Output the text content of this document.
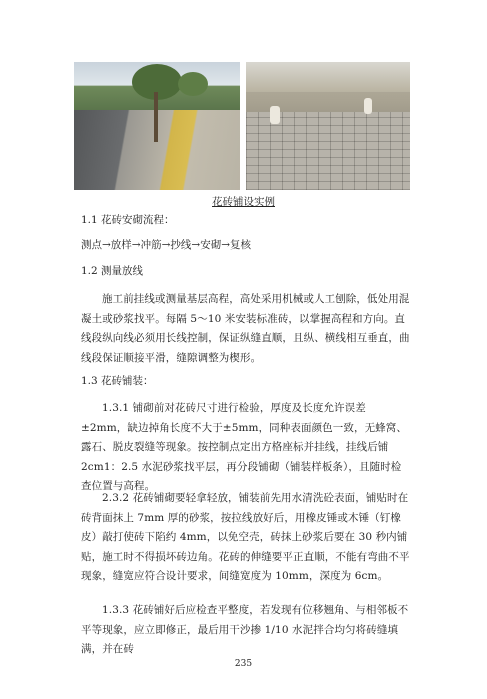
花砖铺设实例

1.1 花砖安砌流程：

测点→放样→冲筋→抄线→安砌→复核

1.2 测量放线

施工前挂线或测量基层高程，高处采用机械或人工刨除，低处用混凝土或砂浆找平。每隔 5～10 米安装标准砖，以掌握高程和方向。直线段纵向线必须用长线控制，保证纵缝直顺，且纵、横线相互垂直，曲线段保证顺接平滑，缝隙调整为楔形。

1.3 花砖铺装：

1.3.1 铺砌前对花砖尺寸进行检验，厚度及长度允许误差±2mm，缺边掉角长度不大于±5mm，同种表面颜色一致，无蜂窝、露石、脱皮裂缝等现象。按控制点定出方格座标并挂线，挂线后铺 2cm1：2.5 水泥砂浆找平层，再分段铺砌（铺装样板条），且随时检查位置与高程。

2.3.2 花砖铺砌要轻拿轻放，铺装前先用水清洗砼表面，铺贴时在砖背面抹上 7mm 厚的砂浆，按拉线放好后，用橡皮锤或木锤（钉橡皮）敲打使砖下陷约 4mm，以免空壳，砖抹上砂浆后要在 30 秒内铺贴，施工时不得损坏砖边角。花砖的伸缝要平正直顺，不能有弯曲不平现象，缝宽应符合设计要求，间缝宽度为 10mm，深度为 6cm。

1.3.3 花砖铺好后应检查平整度，若发现有位移翘角、与相邻板不平等现象，应立即修正，最后用干沙掺 1/10 水泥拌合均匀将砖缝填满，并在砖

235
